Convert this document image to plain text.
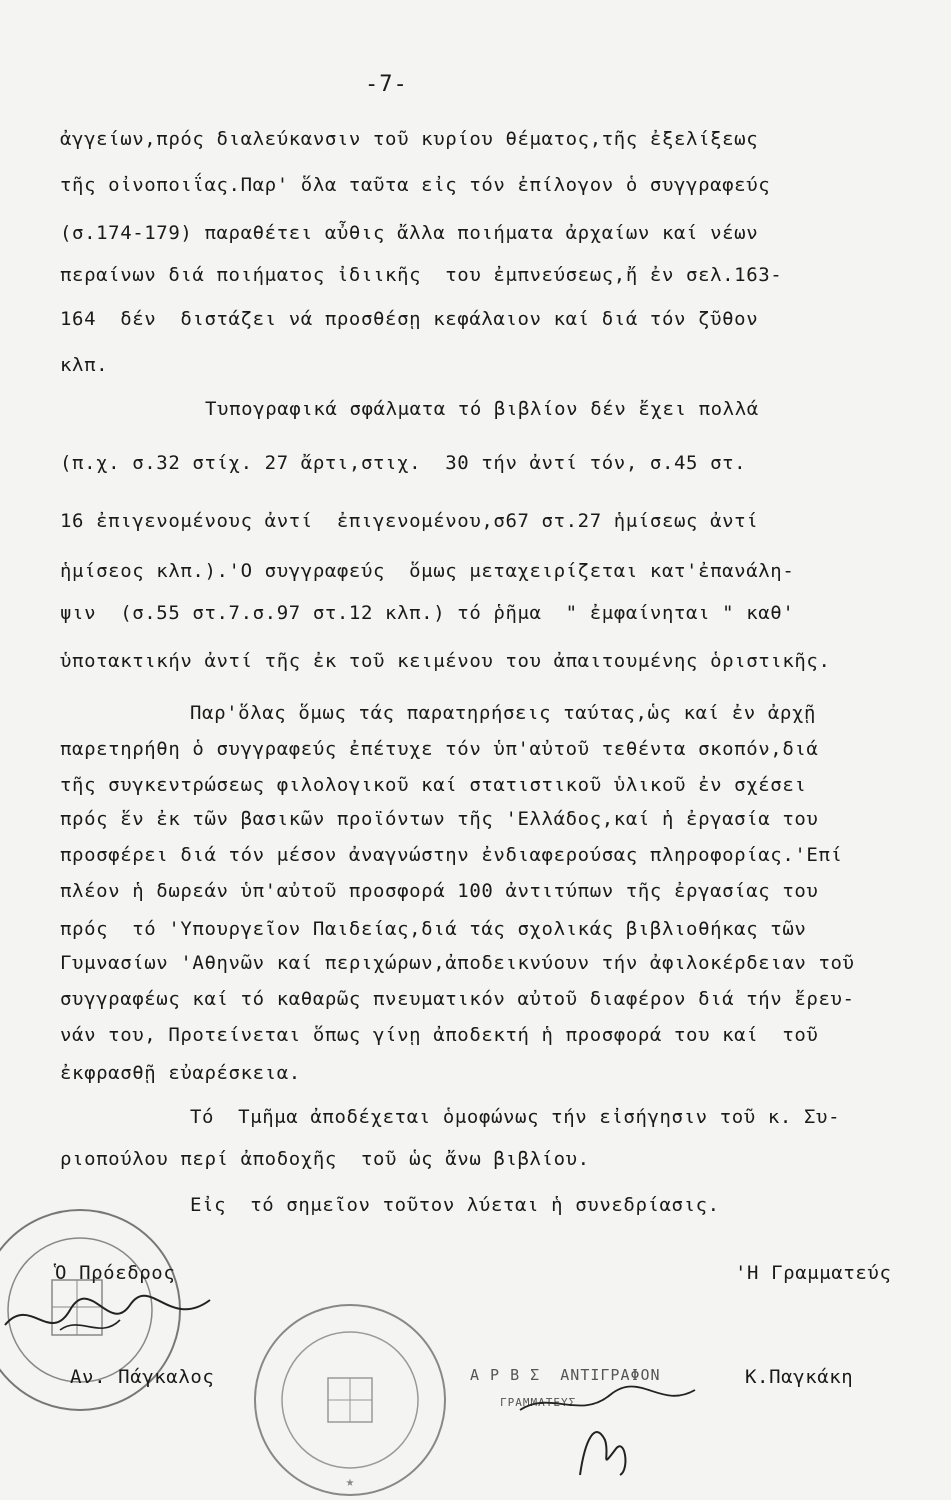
-7-
ἀγγείων,πρός διαλεύκανσιν τοῦ κυρίου θέματος,τῆς ἐξελίξεως
τῆς οἰνοποιΐας.Παρ' ὅλα ταῦτα εἰς τόν ἐπίλογον ὁ συγγραφεύς
(σ.174-179) παραθέτει αὖθις ἄλλα ποιήματα ἀρχαίων καί νέων
περαίνων διά ποιήματος ἰδιικῆς  του ἐμπνεύσεως,ἤ ἐν σελ.163-
164  δέν  διστάζει νά προσθέσῃ κεφάλαιον καί διά τόν ζῦθον
κλπ.
Τυπογραφικά σφάλματα τό βιβλίον δέν ἔχει πολλά
(π.χ. σ.32 στίχ. 27 ἄρτι,στιχ.  30 τήν ἀντί τόν, σ.45 στ.
16 ἐπιγενομένους ἀντί  ἐπιγενομένου,σ67 στ.27 ἡμίσεως ἀντί
ἡμίσεος κλπ.).'Ο συγγραφεύς  ὅμως μεταχειρίζεται κατ'ἐπανάλη-
ψιν  (σ.55 στ.7.σ.97 στ.12 κλπ.) τό ῥῆμα  " ἐμφαίνηται " καθ'
ὑποτακτικήν ἀντί τῆς ἐκ τοῦ κειμένου του ἀπαιτουμένης ὁριστικῆς.
Παρ'ὅλας ὅμως τάς παρατηρήσεις ταύτας,ὡς καί ἐν ἀρχῇ
παρετηρήθη ὁ συγγραφεύς ἐπέτυχε τόν ὑπ'αὐτοῦ τεθέντα σκοπόν,διά
τῆς συγκεντρώσεως φιλολογικοῦ καί στατιστικοῦ ὑλικοῦ ἐν σχέσει
πρός ἕν ἐκ τῶν βασικῶν προϊόντων τῆς 'Ελλάδος,καί ἡ ἐργασία του
προσφέρει διά τόν μέσον ἀναγνώστην ἐνδιαφερούσας πληροφορίας.'Επί
πλέον ἡ δωρεάν ὑπ'αὐτοῦ προσφορά 100 ἀντιτύπων τῆς ἐργασίας του
πρός  τό 'Υπουργεῖον Παιδείας,διά τάς σχολικάς βιβλιοθήκας τῶν
Γυμνασίων 'Αθηνῶν καί περιχώρων,ἀποδεικνύουν τήν ἀφιλοκέρδειαν τοῦ
συγγραφέως καί τό καθαρῶς πνευματικόν αὐτοῦ διαφέρον διά τήν ἔρευ-
νάν του, Προτείνεται ὅπως γίνῃ ἀποδεκτή ἡ προσφορά του καί  τοῦ
ἐκφρασθῇ εὐαρέσκεια.
Τό  Τμῆμα ἀποδέχεται ὁμοφώνως τήν εἰσήγησιν τοῦ κ. Συ-
ριοπούλου περί ἀποδοχῆς  τοῦ ὡς ἄνω βιβλίου.
Εἰς  τό σημεῖον τοῦτον λύεται ἡ συνεδρίασις.
★
Ὁ Πρόεδρος	'Η Γραμματεύς
Αν. Πάγκαλος	Κ.Παγκάκη
Α Ρ Β Σ  ΑΝΤΙΓΡΑΦΟΝ
ΓΡΑΜΜΑΤΕΥΣ
